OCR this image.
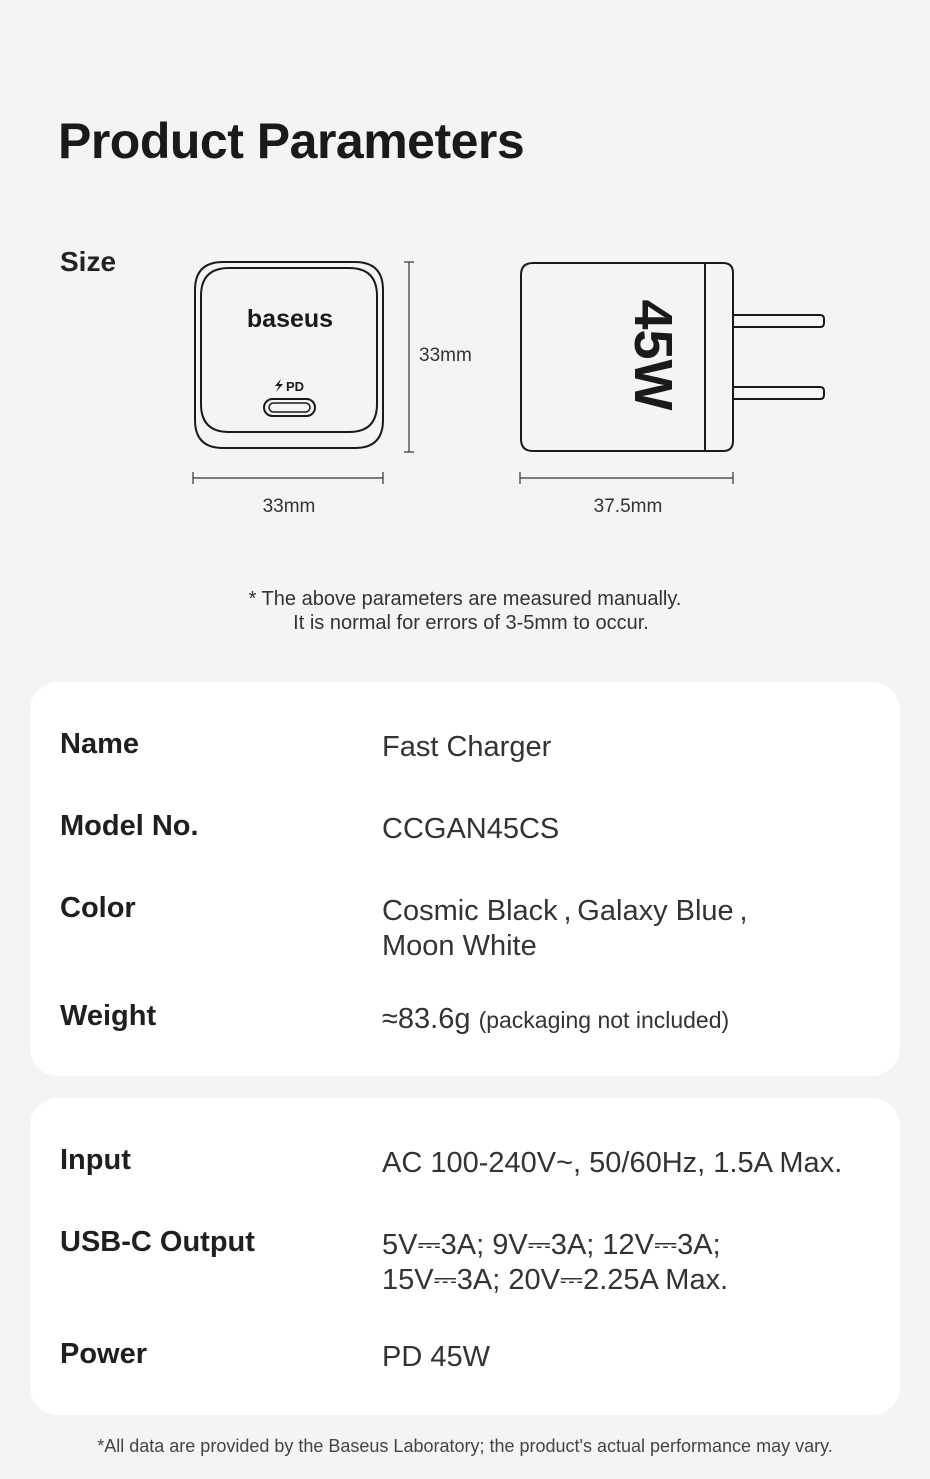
Product Parameters
Size
baseus
PD
33mm
33mm
45W
37.5mm
* The above parameters are measured manually.
It is normal for errors of 3-5mm to occur.
Name	Fast Charger
Model No.	CCGAN45CS
Color	Cosmic Black , Galaxy Blue ,
Moon White
Weight	≈83.6g (packaging not included)
Input	AC 100-240V~, 50/60Hz, 1.5A Max.
USB-C Output	5V⎓3A; 9V⎓3A; 12V⎓3A;
15V⎓3A; 20V⎓2.25A Max.
Power	PD 45W
*All data are provided by the Baseus Laboratory; the product's actual performance may vary.
